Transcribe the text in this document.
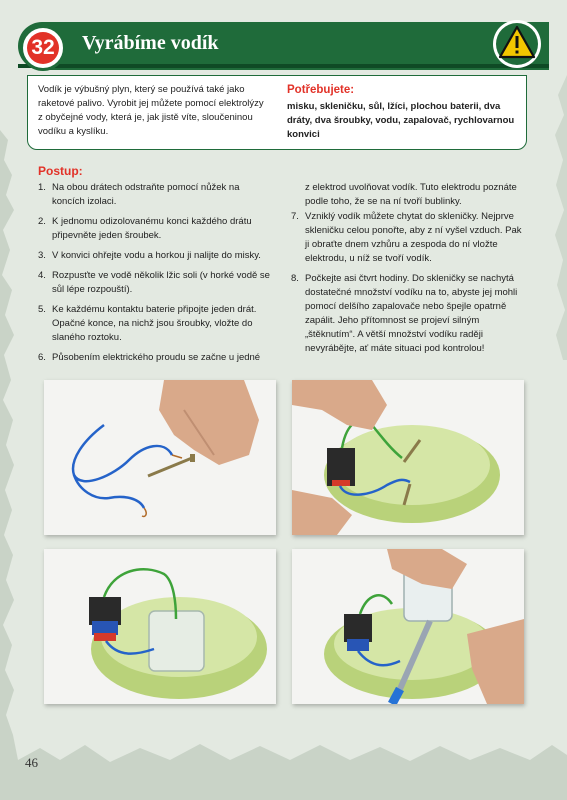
32 Vyrábíme vodík
Vodík je výbušný plyn, který se používá také jako raketové palivo. Vyrobit jej můžete pomocí elektrolýzy z obyčejné vody, která je, jak jistě víte, sloučeninou vodíku a kyslíku.
Potřebujete:
misku, skleničku, sůl, lžíci, plochou baterii, dva dráty, dva šroubky, vodu, zapalovač, rychlovarnou konvici
Postup:
1. Na obou drátech odstraňte pomocí nůžek na koncích izolaci.
2. K jednomu odizolovanému konci každého drátu připevněte jeden šroubek.
3. V konvici ohřejte vodu a horkou ji nalijte do misky.
4. Rozpusťte ve vodě několik lžic soli (v horké vodě se sůl lépe rozpouští).
5. Ke každému kontaktu baterie připojte jeden drát. Opačné konce, na nichž jsou šroubky, vložte do slaného roztoku.
6. Působením elektrického proudu se začne u jedné
z elektrod uvolňovat vodík. Tuto elektrodu poznáte podle toho, že se na ní tvoří bublinky.
7. Vzniklý vodík můžete chytat do skleničky. Nejprve skleničku celou ponořte, aby z ní vyšel vzduch. Pak ji obraťte dnem vzhůru a zespoda do ní vložte elektrodu, u níž se tvoří vodík.
8. Počkejte asi čtvrt hodiny. Do skleničky se nachytá dostatečné množství vodíku na to, abyste jej mohli pomocí delšího zapalovače nebo špejle opatrně zapálit. Jeho přítomnost se projeví silným „štěknutím“. A větší množství vodíku raději nevyrábějte, ať máte situaci pod kontrolou!
46
